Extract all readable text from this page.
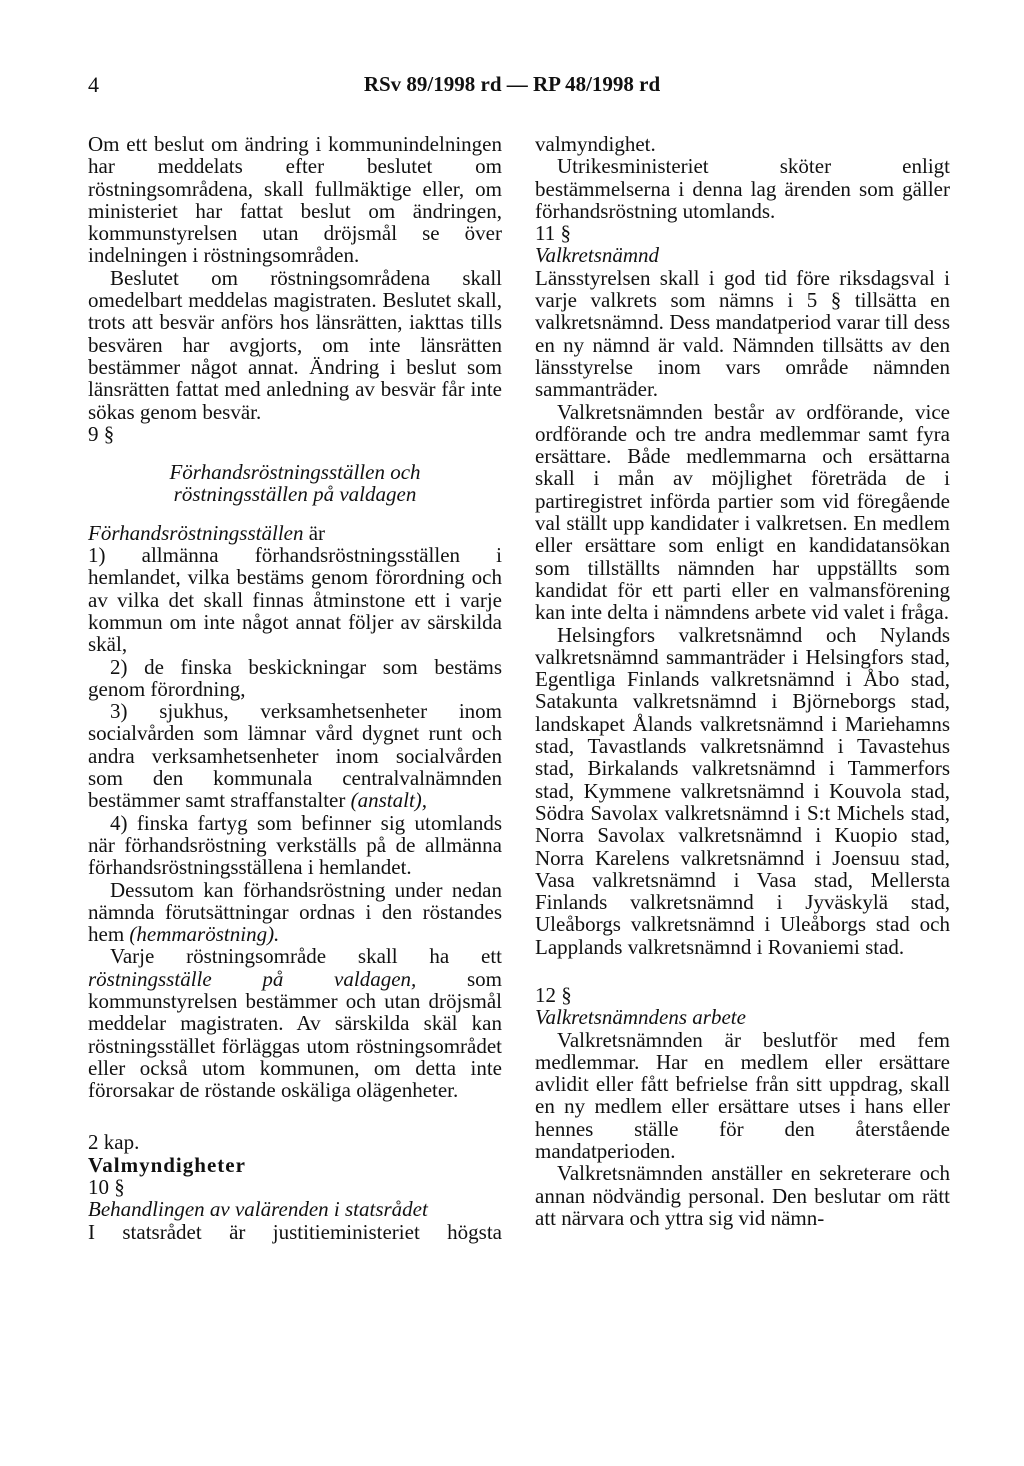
4	RSv 89/1998 rd — RP 48/1998 rd

Om ett beslut om ändring i kommunindelningen har meddelats efter beslutet om röstningsområdena, skall fullmäktige eller, om ministeriet har fattat beslut om ändringen, kommunstyrelsen utan dröjsmål se över indelningen i röstningsområden.

Beslutet om röstningsområdena skall omedelbart meddelas magistraten. Beslutet skall, trots att besvär anförs hos länsrätten, iakttas tills besvären har avgjorts, om inte länsrätten bestämmer något annat. Ändring i beslut som länsrätten fattat med anledning av besvär får inte sökas genom besvär.

9 §

Förhandsröstningsställen och
röstningsställen på valdagen

Förhandsröstningsställen är

1) allmänna förhandsröstningsställen i hemlandet, vilka bestäms genom förordning och av vilka det skall finnas åtminstone ett i varje kommun om inte något annat följer av särskilda skäl,

2) de finska beskickningar som bestäms genom förordning,

3) sjukhus, verksamhetsenheter inom socialvården som lämnar vård dygnet runt och andra verksamhetsenheter inom socialvården som den kommunala centralvalnämnden bestämmer samt straffanstalter (anstalt),

4) finska fartyg som befinner sig utomlands när förhandsröstning verkställs på de allmänna förhandsröstningsställena i hemlandet.

Dessutom kan förhandsröstning under nedan nämnda förutsättningar ordnas i den röstandes hem (hemmaröstning).

Varje röstningsområde skall ha ett röstningsställe på valdagen, som kommunstyrelsen bestämmer och utan dröjsmål meddelar magistraten. Av särskilda skäl kan röstningsstället förläggas utom röstningsområdet eller också utom kommunen, om detta inte förorsakar de röstande oskäliga olägenheter.

2 kap.

Valmyndigheter

10 §

Behandlingen av valärenden i statsrådet

I statsrådet är justitieministeriet högsta

valmyndighet.

Utrikesministeriet sköter enligt bestämmelserna i denna lag ärenden som gäller förhandsröstning utomlands.

11 §

Valkretsnämnd

Länsstyrelsen skall i god tid före riksdagsval i varje valkrets som nämns i 5 § tillsätta en valkretsnämnd. Dess mandatperiod varar till dess en ny nämnd är vald. Nämnden tillsätts av den länsstyrelse inom vars område nämnden sammanträder.

Valkretsnämnden består av ordförande, vice ordförande och tre andra medlemmar samt fyra ersättare. Både medlemmarna och ersättarna skall i mån av möjlighet företräda de i partiregistret införda partier som vid föregående val ställt upp kandidater i valkretsen. En medlem eller ersättare som enligt en kandidatansökan som tillställts nämnden har uppställts som kandidat för ett parti eller en valmansförening kan inte delta i nämndens arbete vid valet i fråga.

Helsingfors valkretsnämnd och Nylands valkretsnämnd sammanträder i Helsingfors stad, Egentliga Finlands valkretsnämnd i Åbo stad, Satakunta valkretsnämnd i Björneborgs stad, landskapet Ålands valkretsnämnd i Mariehamns stad, Tavastlands valkretsnämnd i Tavastehus stad, Birkalands valkretsnämnd i Tammerfors stad, Kymmene valkretsnämnd i Kouvola stad, Södra Savolax valkretsnämnd i S:t Michels stad, Norra Savolax valkretsnämnd i Kuopio stad, Norra Karelens valkretsnämnd i Joensuu stad, Vasa valkretsnämnd i Vasa stad, Mellersta Finlands valkretsnämnd i Jyväskylä stad, Uleåborgs valkretsnämnd i Uleåborgs stad och Lapplands valkretsnämnd i Rovaniemi stad.

12 §

Valkretsnämndens arbete

Valkretsnämnden är beslutför med fem medlemmar. Har en medlem eller ersättare avlidit eller fått befrielse från sitt uppdrag, skall en ny medlem eller ersättare utses i hans eller hennes ställe för den återstående mandatperioden.

Valkretsnämnden anställer en sekreterare och annan nödvändig personal. Den beslutar om rätt att närvara och yttra sig vid nämn-
